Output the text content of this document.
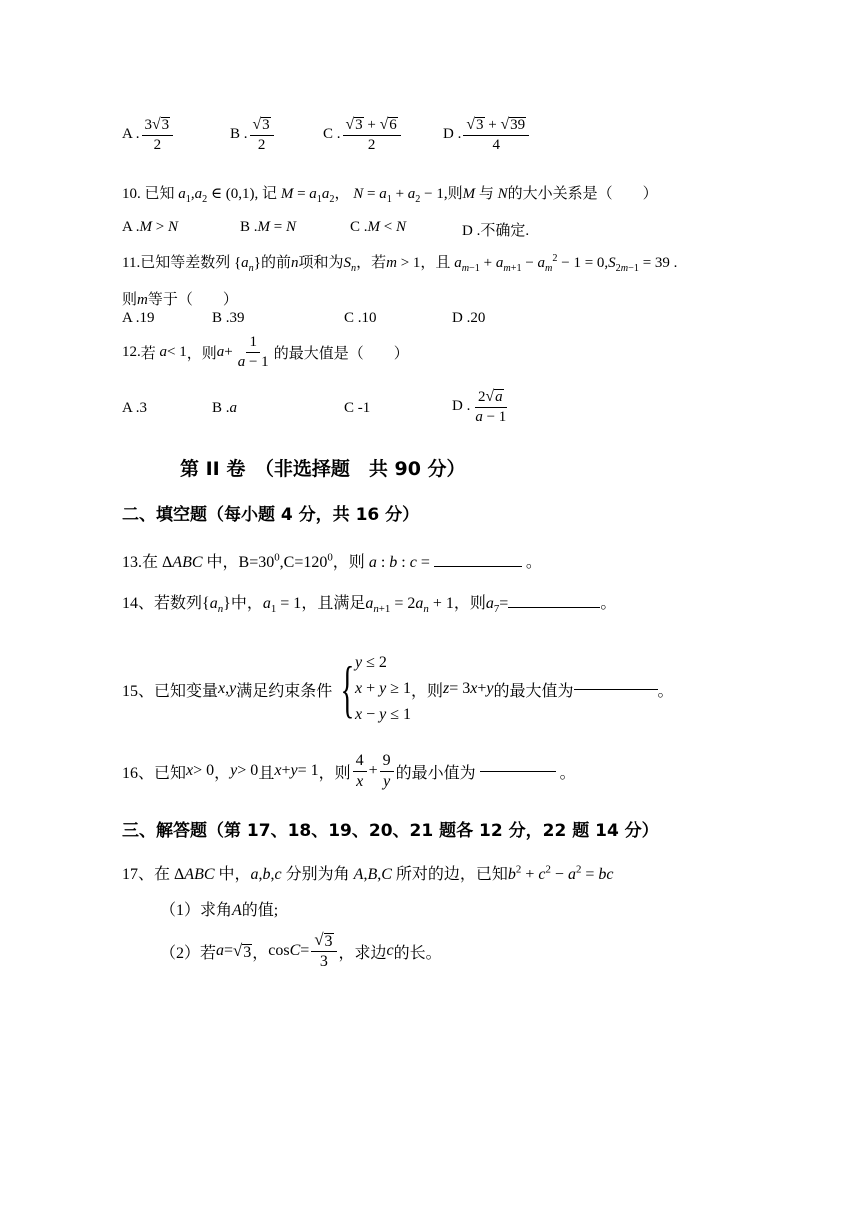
A . $\frac{3 √ 3}{2}$	B . $\frac{√ 3}{2}$	C . $\frac{√ 3 + √ 6}{2}$	D . $\frac{√ 3 + √ 39}{4}$
10. 已知 $a_1,a_2$ ∈ (0,1), 记 $M = a_1a_2$， $N = a_1 + a_2 - 1$,则M 与 N的大小关系是（　　）
A .M > N	B .M = N	C .M < N	D .不确定.
11.已知等差数列 $\{a_n\}$的前n项和为$S_n$，若m > 1，且 $a_{m-1} + a_{m+1} - a_m^2 - 1 = 0,S_{2m-1} = 39$ .
则m等于（　　）
A .19	B .39	C .10	D .20
12. 若
a < 1 ，则 $a + \frac{1}{a - 1}$ 的最大值是（　　）
A .3	B .a	C -1	D . $\frac{2 √ a}{a - 1}$
第 II 卷　（非选择题　共 90 分）
二、填空题（每小题 4 分，共 16 分）
13.在 ΔABC 中，$B=30^0,C=120^0$，则 a : b : c =	。
14、若数列$\{a_n\}$中，$a_1 = 1$，且满足$a_{n+1} = 2a_n + 1$，则$a_7=$	。
15、已知变量 x , y 满足约束条件 { y ≤ 2
x + y ≥ 1
x − y ≤ 1
，则 z = 3 x + y 的最大值为	。
16、已知 x > 0 ， y > 0 且 x + y = 1 ，则 $\frac{4}{x} + \frac{9}{y}$ 的最小值为

	。
三、解答题（第 17、18、19、20、21 题各 12 分，22 题 14 分）
17、在 ΔABC 中，a,b,c 分别为角 A,B,C 所对的边，已知$b^2 + c^2 - a^2$ = bc
（1）求角A的值;
（2）若 a = √ 3 ， $\cos C = \frac{√ 3}{3}$ ，求边 c 的长。
